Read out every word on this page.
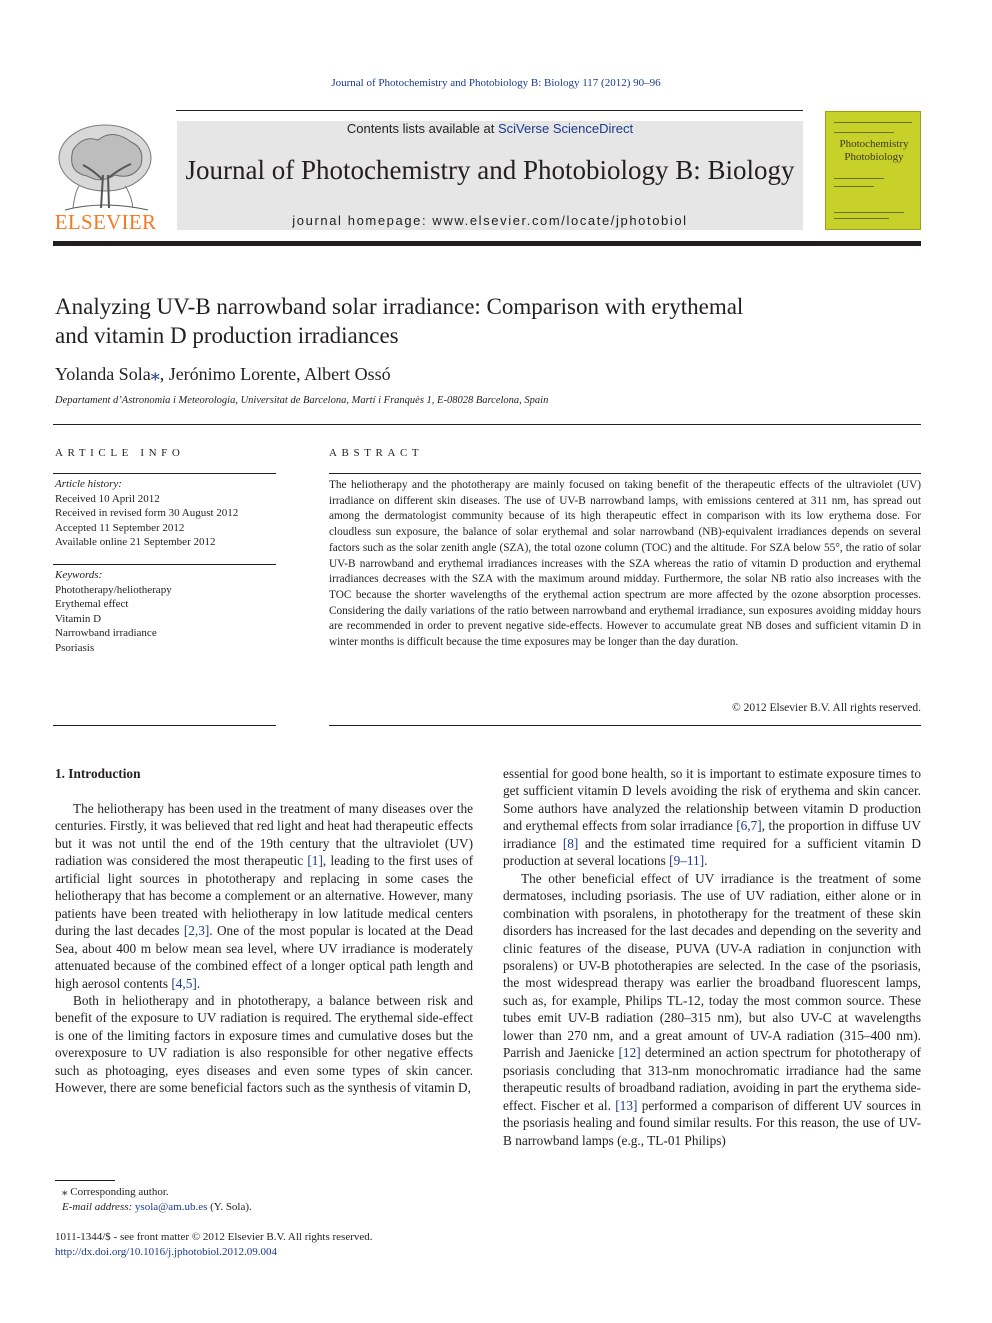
Journal of Photochemistry and Photobiology B: Biology 117 (2012) 90–96
ELSEVIER
Contents lists available at SciVerse ScienceDirect
Journal of Photochemistry and Photobiology B: Biology
journal homepage: www.elsevier.com/locate/jphotobiol
Photochemistry Photobiology
Analyzing UV-B narrowband solar irradiance: Comparison with erythemal
and vitamin D production irradiances
Yolanda Sola⁎, Jerónimo Lorente, Albert Ossó
Departament d’Astronomia i Meteorologia, Universitat de Barcelona, Martí i Franquès 1, E-08028 Barcelona, Spain
ARTICLE INFO	ABSTRACT
Article history:
Received 10 April 2012
Received in revised form 30 August 2012
Accepted 11 September 2012
Available online 21 September 2012
Keywords:
Phototherapy/heliotherapy
Erythemal effect
Vitamin D
Narrowband irradiance
Psoriasis
The heliotherapy and the phototherapy are mainly focused on taking benefit of the therapeutic effects of the ultraviolet (UV) irradiance on different skin diseases. The use of UV-B narrowband lamps, with emissions centered at 311 nm, has spread out among the dermatologist community because of its high therapeutic effect in comparison with its low erythema dose. For cloudless sun exposure, the balance of solar erythemal and solar narrowband (NB)-equivalent irradiances depends on several factors such as the solar zenith angle (SZA), the total ozone column (TOC) and the altitude. For SZA below 55°, the ratio of solar UV-B narrowband and erythemal irradiances increases with the SZA whereas the ratio of vitamin D production and erythemal irradiances decreases with the SZA with the maximum around midday. Furthermore, the solar NB ratio also increases with the TOC because the shorter wavelengths of the erythemal action spectrum are more affected by the ozone absorption processes. Considering the daily variations of the ratio between narrowband and erythemal irradiance, sun exposures avoiding midday hours are recommended in order to prevent negative side-effects. However to accumulate great NB doses and sufficient vitamin D in winter months is difficult because the time exposures may be longer than the day duration.
© 2012 Elsevier B.V. All rights reserved.
1. Introduction

The heliotherapy has been used in the treatment of many diseases over the centuries. Firstly, it was believed that red light and heat had therapeutic effects but it was not until the end of the 19th century that the ultraviolet (UV) radiation was considered the most therapeutic [1], leading to the first uses of artificial light sources in phototherapy and replacing in some cases the heliotherapy that has become a complement or an alternative. However, many patients have been treated with heliotherapy in low latitude medical centers during the last decades [2,3]. One of the most popular is located at the Dead Sea, about 400 m below mean sea level, where UV irradiance is moderately attenuated because of the combined effect of a longer optical path length and high aerosol contents [4,5].

Both in heliotherapy and in phototherapy, a balance between risk and benefit of the exposure to UV radiation is required. The erythemal side-effect is one of the limiting factors in exposure times and cumulative doses but the overexposure to UV radiation is also responsible for other negative effects such as photoaging, eyes diseases and even some types of skin cancer. However, there are some beneficial factors such as the synthesis of vitamin D,

essential for good bone health, so it is important to estimate exposure times to get sufficient vitamin D levels avoiding the risk of erythema and skin cancer. Some authors have analyzed the relationship between vitamin D production and erythemal effects from solar irradiance [6,7], the proportion in diffuse UV irradiance [8] and the estimated time required for a sufficient vitamin D production at several locations [9–11].

The other beneficial effect of UV irradiance is the treatment of some dermatoses, including psoriasis. The use of UV radiation, either alone or in combination with psoralens, in phototherapy for the treatment of these skin disorders has increased for the last decades and depending on the severity and clinic features of the disease, PUVA (UV-A radiation in conjunction with psoralens) or UV-B phototherapies are selected. In the case of the psoriasis, the most widespread therapy was earlier the broadband fluorescent lamps, such as, for example, Philips TL-12, today the most common source. These tubes emit UV-B radiation (280–315 nm), but also UV-C at wavelengths lower than 270 nm, and a great amount of UV-A radiation (315–400 nm). Parrish and Jaenicke [12] determined an action spectrum for phototherapy of psoriasis concluding that 313-nm monochromatic irradiance had the same therapeutic results of broadband radiation, avoiding in part the erythema side-effect. Fischer et al. [13] performed a comparison of different UV sources in the psoriasis healing and found similar results. For this reason, the use of UV-B narrowband lamps (e.g., TL-01 Philips)

⁎ Corresponding author.
E-mail address: ysola@am.ub.es (Y. Sola).
1011-1344/$ - see front matter © 2012 Elsevier B.V. All rights reserved.
http://dx.doi.org/10.1016/j.jphotobiol.2012.09.004
